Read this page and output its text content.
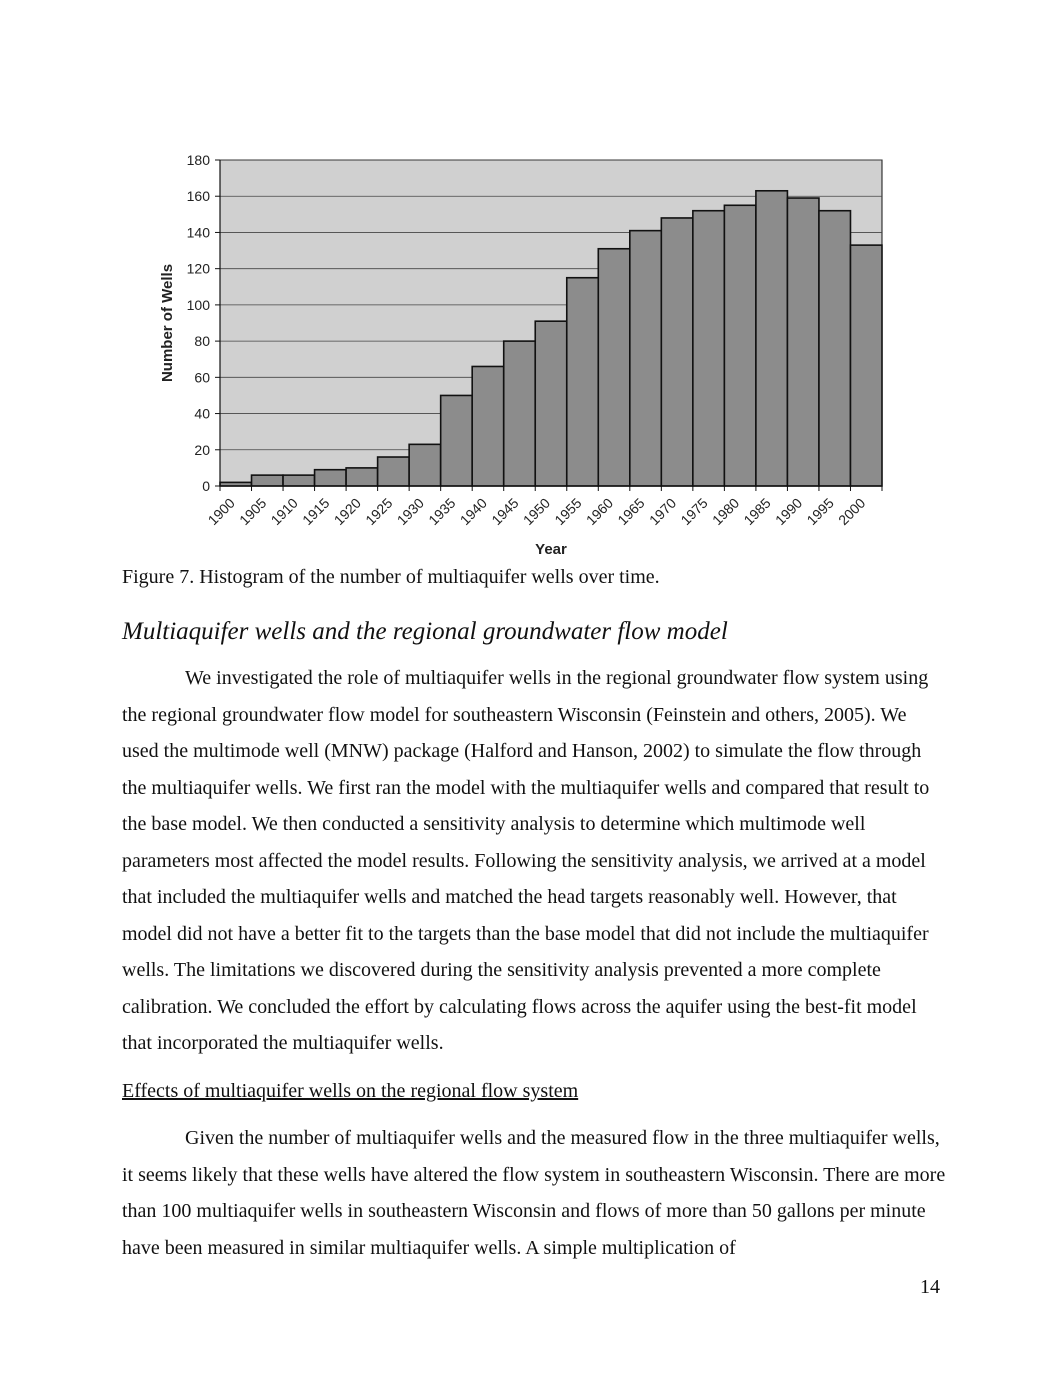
0
20
40
60
80
100
120
140
160
180
1900
1905
1910
1915
1920
1925
1930
1935
1940
1945
1950
1955
1960
1965
1970
1975
1980
1985
1990
1995
2000
Year
Number of Wells
Figure 7. Histogram of the number of multiaquifer wells over time.
Multiaquifer wells and the regional groundwater flow model

We investigated the role of multiaquifer wells in the regional groundwater flow system using the regional groundwater flow model for southeastern Wisconsin (Feinstein and others, 2005). We used the multimode well (MNW) package (Halford and Hanson, 2002) to simulate the flow through the multiaquifer wells. We first ran the model with the multiaquifer wells and compared that result to the base model. We then conducted a sensitivity analysis to determine which multimode well parameters most affected the model results. Following the sensitivity analysis, we arrived at a model that included the multiaquifer wells and matched the head targets reasonably well. However, that model did not have a better fit to the targets than the base model that did not include the multiaquifer wells. The limitations we discovered during the sensitivity analysis prevented a more complete calibration. We concluded the effort by calculating flows across the aquifer using the best-fit model that incorporated the multiaquifer wells.

Effects of multiaquifer wells on the regional flow system

Given the number of multiaquifer wells and the measured flow in the three multiaquifer wells, it seems likely that these wells have altered the flow system in southeastern Wisconsin. There are more than 100 multiaquifer wells in southeastern Wisconsin and flows of more than 50 gallons per minute have been measured in similar multiaquifer wells. A simple multiplication of

14
